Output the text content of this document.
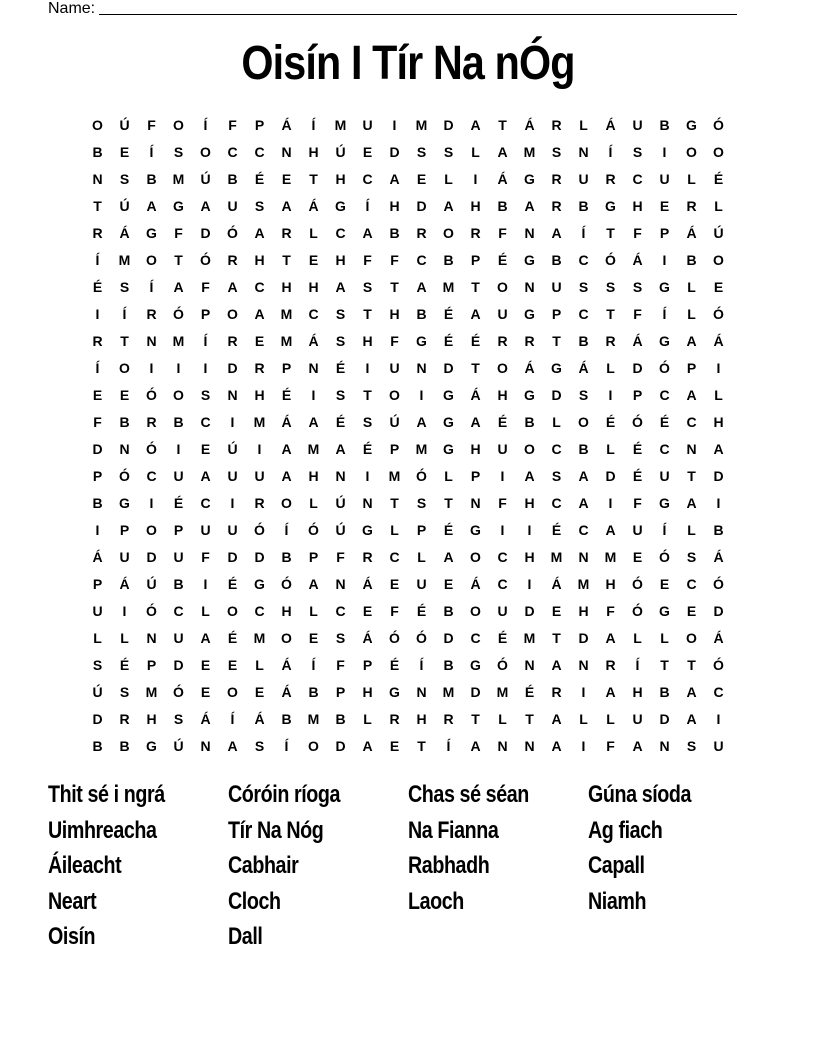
Name:
Oisín I Tír Na nÓg
O	Ú	F	O	Í	F	P	Á	Í	M	U	I	M	D	A	T	Á	R	L	Á	U	B	G	Ó
B	E	Í	S	O	C	C	N	H	Ú	E	D	S	S	L	A	M	S	N	Í	S	I	O	O
N	S	B	M	Ú	B	É	E	T	H	C	A	E	L	I	Á	G	R	U	R	C	U	L	É
T	Ú	A	G	A	U	S	A	Á	G	Í	H	D	A	H	B	A	R	B	G	H	E	R	L
R	Á	G	F	D	Ó	A	R	L	C	A	B	R	O	R	F	N	A	Í	T	F	P	Á	Ú
Í	M	O	T	Ó	R	H	T	E	H	F	F	C	B	P	É	G	B	C	Ó	Á	I	B	O
É	S	Í	A	F	A	C	H	H	A	S	T	A	M	T	O	N	U	S	S	S	G	L	E
I	Í	R	Ó	P	O	A	M	C	S	T	H	B	É	A	U	G	P	C	T	F	Í	L	Ó
R	T	N	M	Í	R	E	M	Á	S	H	F	G	É	É	R	R	T	B	R	Á	G	A	Á
Í	O	I	I	I	D	R	P	N	É	I	U	N	D	T	O	Á	G	Á	L	D	Ó	P	I
E	E	Ó	O	S	N	H	É	I	S	T	O	I	G	Á	H	G	D	S	I	P	C	A	L
F	B	R	B	C	I	M	Á	A	É	S	Ú	A	G	A	É	B	L	O	É	Ó	É	C	H
D	N	Ó	I	E	Ú	I	A	M	A	É	P	M	G	H	U	O	C	B	L	É	C	N	A
P	Ó	C	U	A	U	U	A	H	N	I	M	Ó	L	P	I	A	S	A	D	É	U	T	D
B	G	I	É	C	I	R	O	L	Ú	N	T	S	T	N	F	H	C	A	I	F	G	A	I
I	P	O	P	U	U	Ó	Í	Ó	Ú	G	L	P	É	G	I	I	É	C	A	U	Í	L	B
Á	U	D	U	F	D	D	B	P	F	R	C	L	A	O	C	H	M	N	M	E	Ó	S	Á
P	Á	Ú	B	I	É	G	Ó	A	N	Á	E	U	E	Á	C	I	Á	M	H	Ó	E	C	Ó
U	I	Ó	C	L	O	C	H	L	C	E	F	É	B	O	U	D	E	H	F	Ó	G	E	D
L	L	N	U	A	É	M	O	E	S	Á	Ó	Ó	D	C	É	M	T	D	A	L	L	O	Á
S	É	P	D	E	E	L	Á	Í	F	P	É	Í	B	G	Ó	N	A	N	R	Í	T	T	Ó
Ú	S	M	Ó	E	O	E	Á	B	P	H	G	N	M	D	M	É	R	I	A	H	B	A	C
D	R	H	S	Á	Í	Á	B	M	B	L	R	H	R	T	L	T	A	L	L	U	D	A	I
B	B	G	Ú	N	A	S	Í	O	D	A	E	T	Í	A	N	N	A	I	F	A	N	S	U
Thit sé i ngrá	Córóin ríoga	Chas sé séan	Gúna síoda
Uimhreacha	Tír Na Nóg	Na Fianna	Ag fiach
Áileacht	Cabhair	Rabhadh	Capall
Neart	Cloch	Laoch	Niamh
Oisín	Dall
